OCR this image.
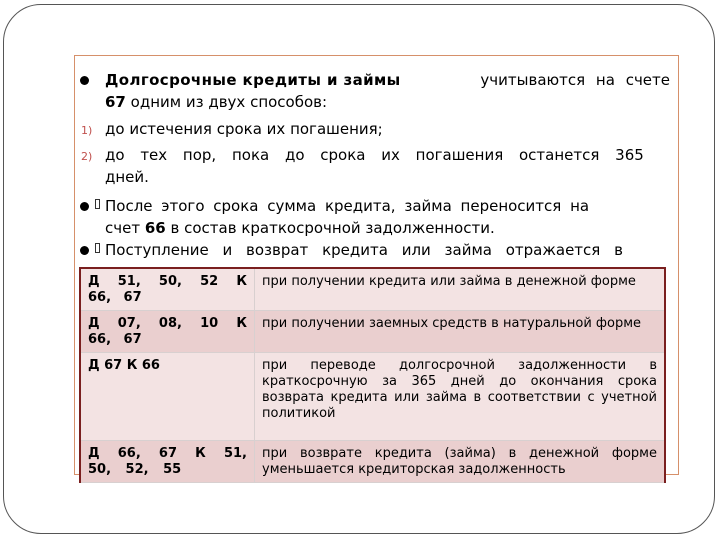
Долгосрочные кредиты и займы	учитываются на счете
67 одним из двух способов:
1) до истечения срока их погашения;
2) до тех пор, пока до срока их погашения останется 365
дней.
После этого срока сумма кредита, займа переносится на
счет 66 в состав краткосрочной задолженности.
Поступление и возврат кредита или займа отражается в
Д 51, 50, 52 К 66, 67	при получении кредита или займа в денежной форме
Д 07, 08, 10 К 66, 67	при получении заемных средств в натуральной форме
Д 67 К 66	при переводе долгосрочной задолженности в краткосрочную за 365 дней до окончания срока возврата кредита или займа в соответствии с учетной политикой
Д 66, 67 К 51, 50, 52, 55	при возврате кредита (займа) в денежной форме уменьшается кредиторская задолженность
